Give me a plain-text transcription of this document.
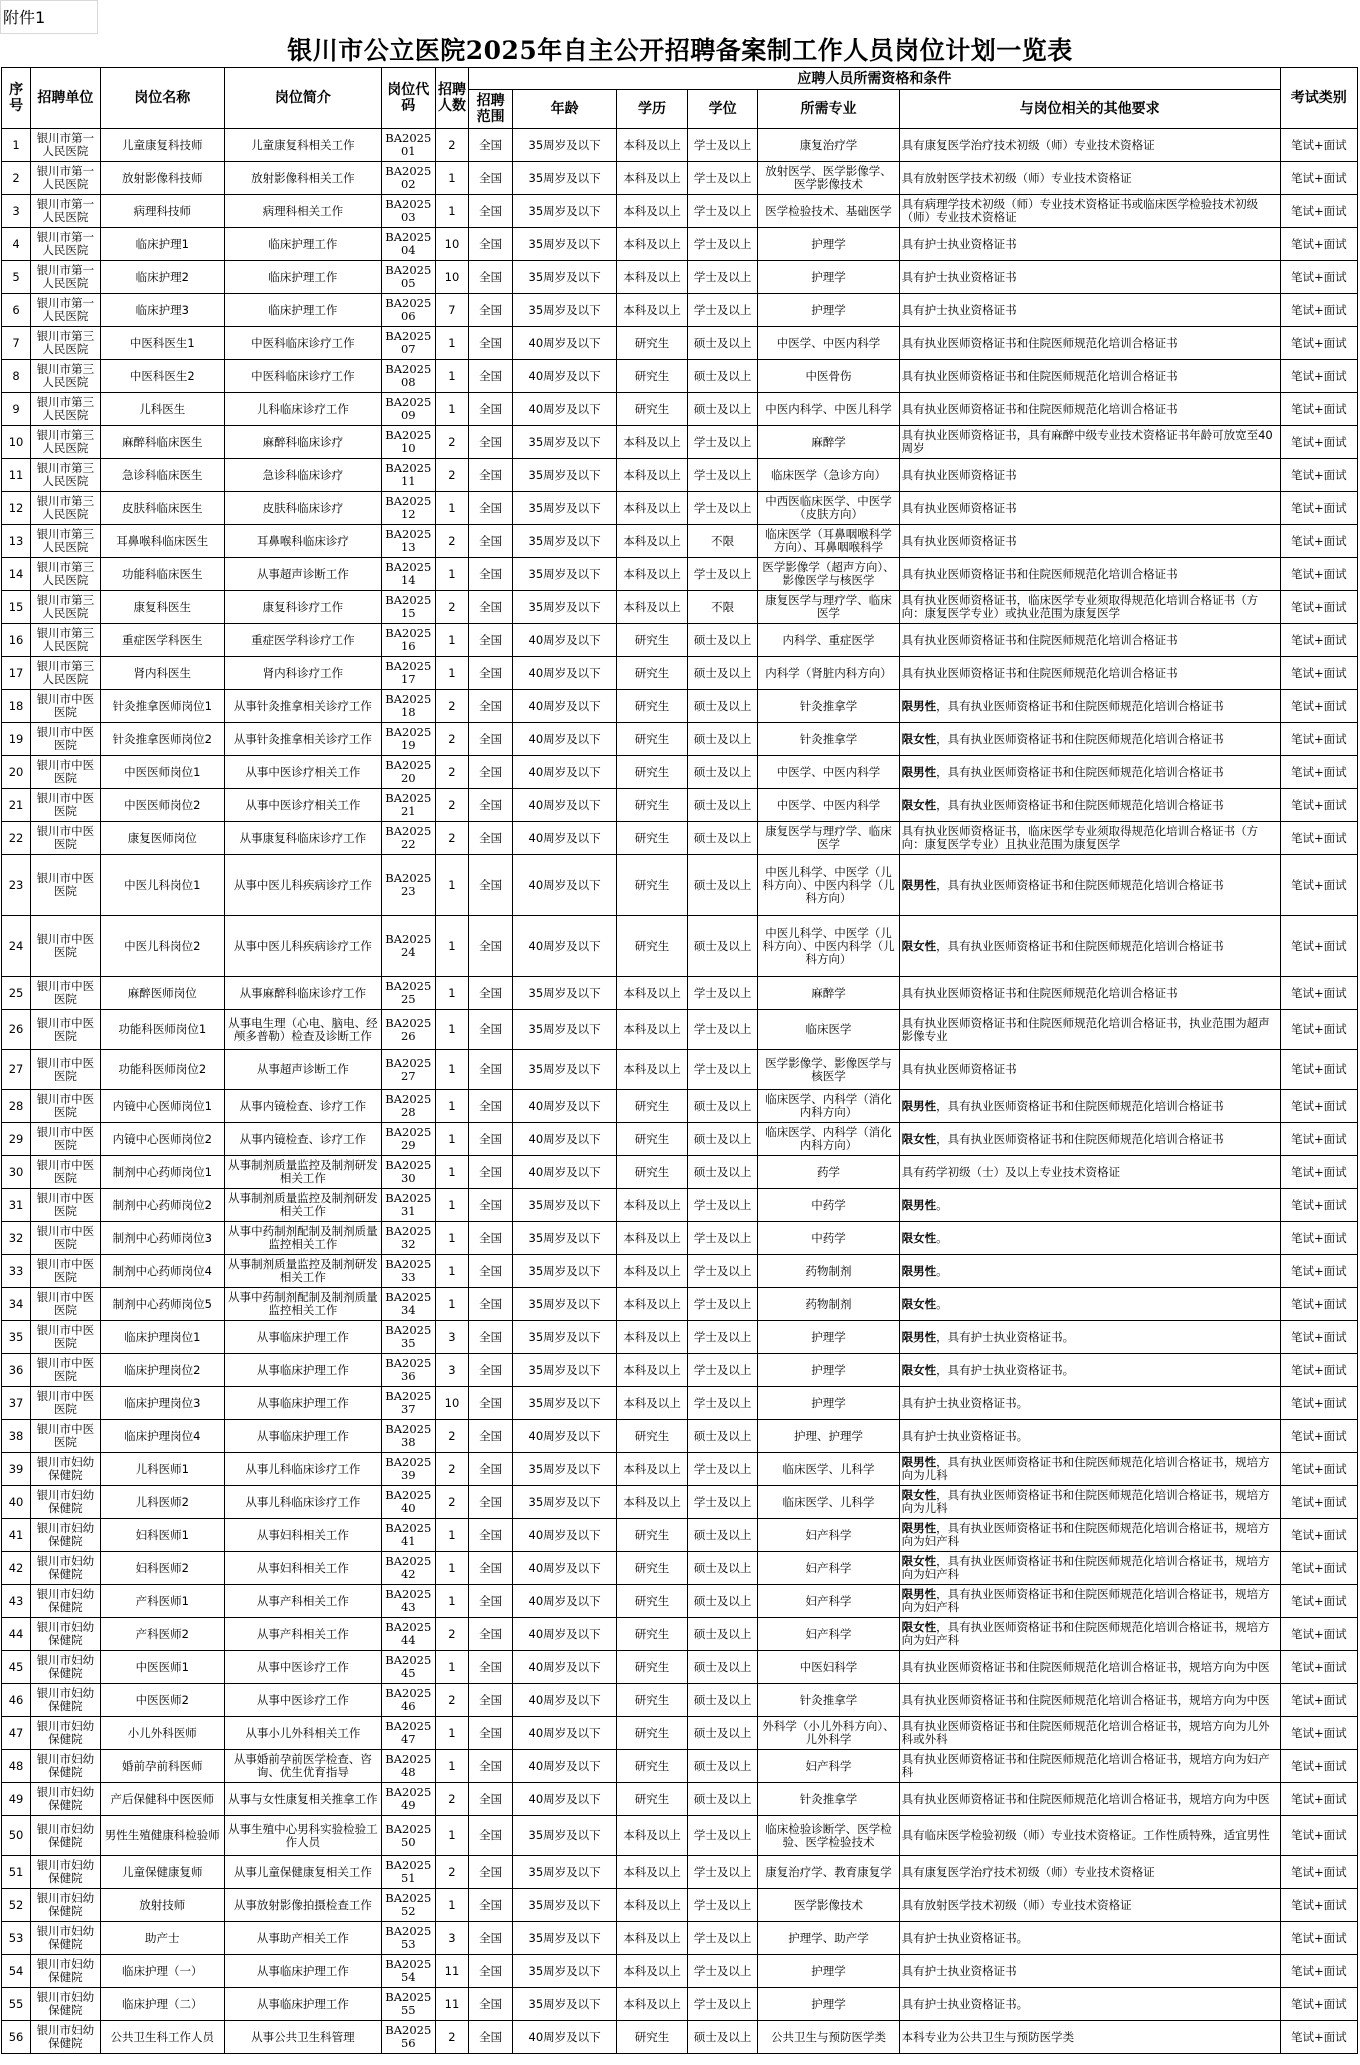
附件1
银川市公立医院2025年自主公开招聘备案制工作人员岗位计划一览表
序号	招聘单位	岗位名称	岗位简介	岗位代码	招聘人数	应聘人员所需资格和条件						考试类别
						招聘范围	年龄	学历	学位	所需专业	与岗位相关的其他要求	
1	银川市第一人民医院	儿童康复科技师	儿童康复科相关工作	BA202501	2	全国	35周岁及以下	本科及以上	学士及以上	康复治疗学	具有康复医学治疗技术初级（师）专业技术资格证	笔试+面试
2	银川市第一人民医院	放射影像科技师	放射影像科相关工作	BA202502	1	全国	35周岁及以下	本科及以上	学士及以上	放射医学、医学影像学、医学影像技术	具有放射医学技术初级（师）专业技术资格证	笔试+面试
3	银川市第一人民医院	病理科技师	病理科相关工作	BA202503	1	全国	35周岁及以下	本科及以上	学士及以上	医学检验技术、基础医学	具有病理学技术初级（师）专业技术资格证书或临床医学检验技术初级（师）专业技术资格证	笔试+面试
4	银川市第一人民医院	临床护理1	临床护理工作	BA202504	10	全国	35周岁及以下	本科及以上	学士及以上	护理学	具有护士执业资格证书	笔试+面试
5	银川市第一人民医院	临床护理2	临床护理工作	BA202505	10	全国	35周岁及以下	本科及以上	学士及以上	护理学	具有护士执业资格证书	笔试+面试
6	银川市第一人民医院	临床护理3	临床护理工作	BA202506	7	全国	35周岁及以下	本科及以上	学士及以上	护理学	具有护士执业资格证书	笔试+面试
7	银川市第三人民医院	中医科医生1	中医科临床诊疗工作	BA202507	1	全国	40周岁及以下	研究生	硕士及以上	中医学、中医内科学	具有执业医师资格证书和住院医师规范化培训合格证书	笔试+面试
8	银川市第三人民医院	中医科医生2	中医科临床诊疗工作	BA202508	1	全国	40周岁及以下	研究生	硕士及以上	中医骨伤	具有执业医师资格证书和住院医师规范化培训合格证书	笔试+面试
9	银川市第三人民医院	儿科医生	儿科临床诊疗工作	BA202509	1	全国	40周岁及以下	研究生	硕士及以上	中医内科学、中医儿科学	具有执业医师资格证书和住院医师规范化培训合格证书	笔试+面试
10	银川市第三人民医院	麻醉科临床医生	麻醉科临床诊疗	BA202510	2	全国	35周岁及以下	本科及以上	学士及以上	麻醉学	具有执业医师资格证书，具有麻醉中级专业技术资格证书年龄可放宽至40周岁	笔试+面试
11	银川市第三人民医院	急诊科临床医生	急诊科临床诊疗	BA202511	2	全国	35周岁及以下	本科及以上	学士及以上	临床医学（急诊方向）	具有执业医师资格证书	笔试+面试
12	银川市第三人民医院	皮肤科临床医生	皮肤科临床诊疗	BA202512	1	全国	35周岁及以下	本科及以上	学士及以上	中西医临床医学、中医学（皮肤方向）	具有执业医师资格证书	笔试+面试
13	银川市第三人民医院	耳鼻喉科临床医生	耳鼻喉科临床诊疗	BA202513	2	全国	35周岁及以下	本科及以上	不限	临床医学（耳鼻咽喉科学方向）、耳鼻咽喉科学	具有执业医师资格证书	笔试+面试
14	银川市第三人民医院	功能科临床医生	从事超声诊断工作	BA202514	1	全国	35周岁及以下	本科及以上	学士及以上	医学影像学（超声方向）、影像医学与核医学	具有执业医师资格证书和住院医师规范化培训合格证书	笔试+面试
15	银川市第三人民医院	康复科医生	康复科诊疗工作	BA202515	2	全国	35周岁及以下	本科及以上	不限	康复医学与理疗学、临床医学	具有执业医师资格证书，临床医学专业须取得规范化培训合格证书（方向：康复医学专业）或执业范围为康复医学	笔试+面试
16	银川市第三人民医院	重症医学科医生	重症医学科诊疗工作	BA202516	1	全国	40周岁及以下	研究生	硕士及以上	内科学、重症医学	具有执业医师资格证书和住院医师规范化培训合格证书	笔试+面试
17	银川市第三人民医院	肾内科医生	肾内科诊疗工作	BA202517	1	全国	40周岁及以下	研究生	硕士及以上	内科学（肾脏内科方向）	具有执业医师资格证书和住院医师规范化培训合格证书	笔试+面试
18	银川市中医医院	针灸推拿医师岗位1	从事针灸推拿相关诊疗工作	BA202518	2	全国	40周岁及以下	研究生	硕士及以上	针灸推拿学	限男性，具有执业医师资格证书和住院医师规范化培训合格证书	笔试+面试
19	银川市中医医院	针灸推拿医师岗位2	从事针灸推拿相关诊疗工作	BA202519	2	全国	40周岁及以下	研究生	硕士及以上	针灸推拿学	限女性，具有执业医师资格证书和住院医师规范化培训合格证书	笔试+面试
20	银川市中医医院	中医医师岗位1	从事中医诊疗相关工作	BA202520	2	全国	40周岁及以下	研究生	硕士及以上	中医学、中医内科学	限男性，具有执业医师资格证书和住院医师规范化培训合格证书	笔试+面试
21	银川市中医医院	中医医师岗位2	从事中医诊疗相关工作	BA202521	2	全国	40周岁及以下	研究生	硕士及以上	中医学、中医内科学	限女性，具有执业医师资格证书和住院医师规范化培训合格证书	笔试+面试
22	银川市中医医院	康复医师岗位	从事康复科临床诊疗工作	BA202522	2	全国	40周岁及以下	研究生	硕士及以上	康复医学与理疗学、临床医学	具有执业医师资格证书，临床医学专业须取得规范化培训合格证书（方向：康复医学专业）且执业范围为康复医学	笔试+面试
23	银川市中医医院	中医儿科岗位1	从事中医儿科疾病诊疗工作	BA202523	1	全国	40周岁及以下	研究生	硕士及以上	中医儿科学、中医学（儿科方向）、中医内科学（儿科方向）	限男性，具有执业医师资格证书和住院医师规范化培训合格证书	笔试+面试
24	银川市中医医院	中医儿科岗位2	从事中医儿科疾病诊疗工作	BA202524	1	全国	40周岁及以下	研究生	硕士及以上	中医儿科学、中医学（儿科方向）、中医内科学（儿科方向）	限女性，具有执业医师资格证书和住院医师规范化培训合格证书	笔试+面试
25	银川市中医医院	麻醉医师岗位	从事麻醉科临床诊疗工作	BA202525	1	全国	35周岁及以下	本科及以上	学士及以上	麻醉学	具有执业医师资格证书和住院医师规范化培训合格证书	笔试+面试
26	银川市中医医院	功能科医师岗位1	从事电生理（心电、脑电、经颅多普勒）检查及诊断工作	BA202526	1	全国	35周岁及以下	本科及以上	学士及以上	临床医学	具有执业医师资格证书和住院医师规范化培训合格证书，执业范围为超声影像专业	笔试+面试
27	银川市中医医院	功能科医师岗位2	从事超声诊断工作	BA202527	1	全国	35周岁及以下	本科及以上	学士及以上	医学影像学、影像医学与核医学	具有执业医师资格证书	笔试+面试
28	银川市中医医院	内镜中心医师岗位1	从事内镜检查、诊疗工作	BA202528	1	全国	40周岁及以下	研究生	硕士及以上	临床医学、内科学（消化内科方向）	限男性，具有执业医师资格证书和住院医师规范化培训合格证书	笔试+面试
29	银川市中医医院	内镜中心医师岗位2	从事内镜检查、诊疗工作	BA202529	1	全国	40周岁及以下	研究生	硕士及以上	临床医学、内科学（消化内科方向）	限女性，具有执业医师资格证书和住院医师规范化培训合格证书	笔试+面试
30	银川市中医医院	制剂中心药师岗位1	从事制剂质量监控及制剂研发相关工作	BA202530	1	全国	40周岁及以下	研究生	硕士及以上	药学	具有药学初级（士）及以上专业技术资格证	笔试+面试
31	银川市中医医院	制剂中心药师岗位2	从事制剂质量监控及制剂研发相关工作	BA202531	1	全国	35周岁及以下	本科及以上	学士及以上	中药学	限男性。	笔试+面试
32	银川市中医医院	制剂中心药师岗位3	从事中药制剂配制及制剂质量监控相关工作	BA202532	1	全国	35周岁及以下	本科及以上	学士及以上	中药学	限女性。	笔试+面试
33	银川市中医医院	制剂中心药师岗位4	从事制剂质量监控及制剂研发相关工作	BA202533	1	全国	35周岁及以下	本科及以上	学士及以上	药物制剂	限男性。	笔试+面试
34	银川市中医医院	制剂中心药师岗位5	从事中药制剂配制及制剂质量监控相关工作	BA202534	1	全国	35周岁及以下	本科及以上	学士及以上	药物制剂	限女性。	笔试+面试
35	银川市中医医院	临床护理岗位1	从事临床护理工作	BA202535	3	全国	35周岁及以下	本科及以上	学士及以上	护理学	限男性，具有护士执业资格证书。	笔试+面试
36	银川市中医医院	临床护理岗位2	从事临床护理工作	BA202536	3	全国	35周岁及以下	本科及以上	学士及以上	护理学	限女性，具有护士执业资格证书。	笔试+面试
37	银川市中医医院	临床护理岗位3	从事临床护理工作	BA202537	10	全国	35周岁及以下	本科及以上	学士及以上	护理学	具有护士执业资格证书。	笔试+面试
38	银川市中医医院	临床护理岗位4	从事临床护理工作	BA202538	2	全国	40周岁及以下	研究生	硕士及以上	护理、护理学	具有护士执业资格证书。	笔试+面试
39	银川市妇幼保健院	儿科医师1	从事儿科临床诊疗工作	BA202539	2	全国	35周岁及以下	本科及以上	学士及以上	临床医学、儿科学	限男性，具有执业医师资格证书和住院医师规范化培训合格证书，规培方向为儿科	笔试+面试
40	银川市妇幼保健院	儿科医师2	从事儿科临床诊疗工作	BA202540	2	全国	35周岁及以下	本科及以上	学士及以上	临床医学、儿科学	限女性，具有执业医师资格证书和住院医师规范化培训合格证书，规培方向为儿科	笔试+面试
41	银川市妇幼保健院	妇科医师1	从事妇科相关工作	BA202541	1	全国	40周岁及以下	研究生	硕士及以上	妇产科学	限男性，具有执业医师资格证书和住院医师规范化培训合格证书，规培方向为妇产科	笔试+面试
42	银川市妇幼保健院	妇科医师2	从事妇科相关工作	BA202542	1	全国	40周岁及以下	研究生	硕士及以上	妇产科学	限女性，具有执业医师资格证书和住院医师规范化培训合格证书，规培方向为妇产科	笔试+面试
43	银川市妇幼保健院	产科医师1	从事产科相关工作	BA202543	1	全国	40周岁及以下	研究生	硕士及以上	妇产科学	限男性，具有执业医师资格证书和住院医师规范化培训合格证书，规培方向为妇产科	笔试+面试
44	银川市妇幼保健院	产科医师2	从事产科相关工作	BA202544	2	全国	40周岁及以下	研究生	硕士及以上	妇产科学	限女性，具有执业医师资格证书和住院医师规范化培训合格证书，规培方向为妇产科	笔试+面试
45	银川市妇幼保健院	中医医师1	从事中医诊疗工作	BA202545	1	全国	40周岁及以下	研究生	硕士及以上	中医妇科学	具有执业医师资格证书和住院医师规范化培训合格证书，规培方向为中医	笔试+面试
46	银川市妇幼保健院	中医医师2	从事中医诊疗工作	BA202546	2	全国	40周岁及以下	研究生	硕士及以上	针灸推拿学	具有执业医师资格证书和住院医师规范化培训合格证书，规培方向为中医	笔试+面试
47	银川市妇幼保健院	小儿外科医师	从事小儿外科相关工作	BA202547	1	全国	40周岁及以下	研究生	硕士及以上	外科学（小儿外科方向）、儿外科学	具有执业医师资格证书和住院医师规范化培训合格证书，规培方向为儿外科或外科	笔试+面试
48	银川市妇幼保健院	婚前孕前科医师	从事婚前孕前医学检查、咨询、优生优育指导	BA202548	1	全国	40周岁及以下	研究生	硕士及以上	妇产科学	具有执业医师资格证书和住院医师规范化培训合格证书，规培方向为妇产科	笔试+面试
49	银川市妇幼保健院	产后保健科中医医师	从事与女性康复相关推拿工作	BA202549	2	全国	40周岁及以下	研究生	硕士及以上	针灸推拿学	具有执业医师资格证书和住院医师规范化培训合格证书，规培方向为中医	笔试+面试
50	银川市妇幼保健院	男性生殖健康科检验师	从事生殖中心男科实验检验工作人员	BA202550	1	全国	35周岁及以下	本科及以上	学士及以上	临床检验诊断学、医学检验、医学检验技术	具有临床医学检验初级（师）专业技术资格证。工作性质特殊，适宜男性	笔试+面试
51	银川市妇幼保健院	儿童保健康复师	从事儿童保健康复相关工作	BA202551	2	全国	35周岁及以下	本科及以上	学士及以上	康复治疗学、教育康复学	具有康复医学治疗技术初级（师）专业技术资格证	笔试+面试
52	银川市妇幼保健院	放射技师	从事放射影像拍摄检查工作	BA202552	1	全国	35周岁及以下	本科及以上	学士及以上	医学影像技术	具有放射医学技术初级（师）专业技术资格证	笔试+面试
53	银川市妇幼保健院	助产士	从事助产相关工作	BA202553	3	全国	35周岁及以下	本科及以上	学士及以上	护理学、助产学	具有护士执业资格证书。	笔试+面试
54	银川市妇幼保健院	临床护理（一）	从事临床护理工作	BA202554	11	全国	35周岁及以下	本科及以上	学士及以上	护理学	具有护士执业资格证书	笔试+面试
55	银川市妇幼保健院	临床护理（二）	从事临床护理工作	BA202555	11	全国	35周岁及以下	本科及以上	学士及以上	护理学	具有护士执业资格证书。	笔试+面试
56	银川市妇幼保健院	公共卫生科工作人员	从事公共卫生科管理	BA202556	2	全国	40周岁及以下	研究生	硕士及以上	公共卫生与预防医学类	本科专业为公共卫生与预防医学类	笔试+面试
